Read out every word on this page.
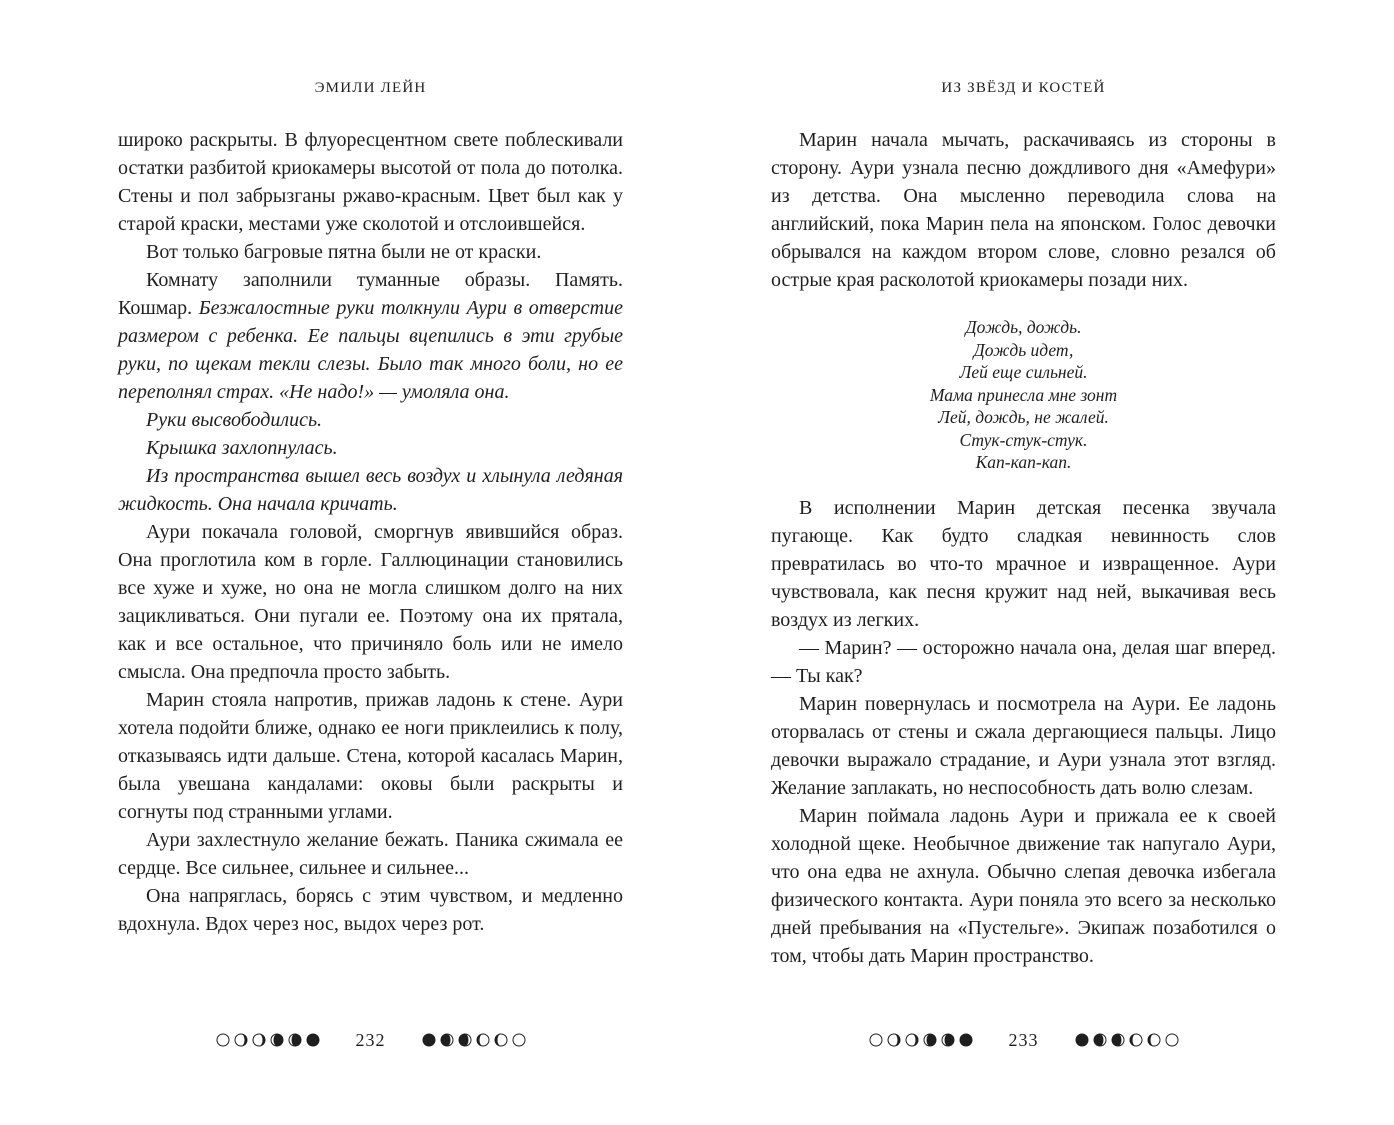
ЭМИЛИ ЛЕЙН

широко раскрыты. В флуоресцентном свете поблескивали остатки разбитой криокамеры высотой от пола до потолка. Стены и пол забрызганы ржаво-красным. Цвет был как у старой краски, местами уже сколотой и отслоившейся.

Вот только багровые пятна были не от краски.

Комнату заполнили туманные образы. Память. Кошмар. Безжалостные руки толкнули Аури в отверстие размером с ребенка. Ее пальцы вцепились в эти грубые руки, по щекам текли слезы. Было так много боли, но ее переполнял страх. «Не надо!» — умоляла она.

Руки высвободились.

Крышка захлопнулась.

Из пространства вышел весь воздух и хлынула ледяная жидкость. Она начала кричать.

Аури покачала головой, сморгнув явившийся образ. Она проглотила ком в горле. Галлюцинации становились все хуже и хуже, но она не могла слишком долго на них зацикливаться. Они пугали ее. Поэтому она их прятала, как и все остальное, что причиняло боль или не имело смысла. Она предпочла просто забыть.

Марин стояла напротив, прижав ладонь к стене. Аури хотела подойти ближе, однако ее ноги приклеились к полу, отказываясь идти дальше. Стена, которой касалась Марин, была увешана кандалами: оковы были раскрыты и согнуты под странными углами.

Аури захлестнуло желание бежать. Паника сжимала ее сердце. Все сильнее, сильнее и сильнее...

Она напряглась, борясь с этим чувством, и медленно вдохнула. Вдох через нос, выдох через рот.

232
ИЗ ЗВЁЗД И КОСТЕЙ

Марин начала мычать, раскачиваясь из стороны в сторону. Аури узнала песню дождливого дня «Амефури» из детства. Она мысленно переводила слова на английский, пока Марин пела на японском. Голос девочки обрывался на каждом втором слове, словно резался об острые края расколотой криокамеры позади них.

Дождь, дождь.
Дождь идет,
Лей еще сильней.
Мама принесла мне зонт
Лей, дождь, не жалей.
Стук-стук-стук.
Кап-кап-кап.

В исполнении Марин детская песенка звучала пугающе. Как будто сладкая невинность слов превратилась во что-то мрачное и извращенное. Аури чувствовала, как песня кружит над ней, выкачивая весь воздух из легких.

— Марин? — осторожно начала она, делая шаг вперед. — Ты как?

Марин повернулась и посмотрела на Аури. Ее ладонь оторвалась от стены и сжала дергающиеся пальцы. Лицо девочки выражало страдание, и Аури узнала этот взгляд. Желание заплакать, но неспособность дать волю слезам.

Марин поймала ладонь Аури и прижала ее к своей холодной щеке. Необычное движение так напугало Аури, что она едва не ахнула. Обычно слепая девочка избегала физического контакта. Аури поняла это всего за несколько дней пребывания на «Пустельге». Экипаж позаботился о том, чтобы дать Марин пространство.

233
